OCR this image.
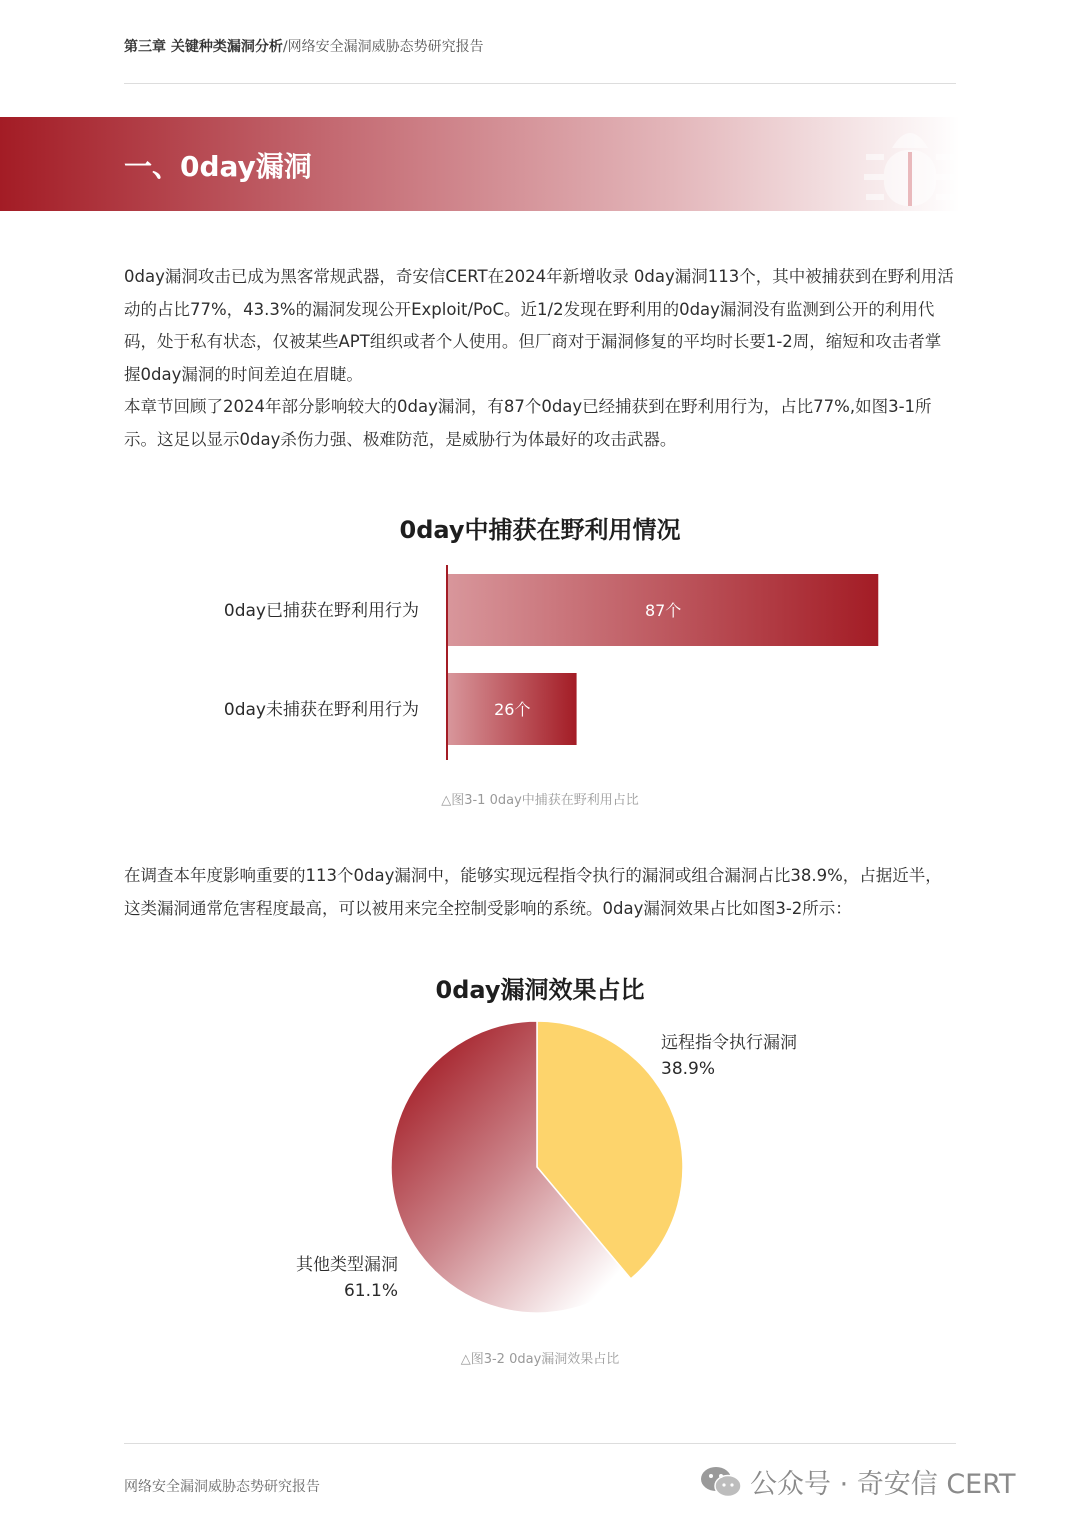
第三章 关键种类漏洞分析/网络安全漏洞威胁态势研究报告
一、0day漏洞
0day漏洞攻击已成为黑客常规武器，奇安信CERT在2024年新增收录 0day漏洞113个，其中被捕获到在野利用活动的占比77%，43.3%的漏洞发现公开Exploit/PoC。近1/2发现在野利用的0day漏洞没有监测到公开的利用代码，处于私有状态，仅被某些APT组织或者个人使用。但厂商对于漏洞修复的平均时长要1-2周，缩短和攻击者掌握0day漏洞的时间差迫在眉睫。
本章节回顾了2024年部分影响较大的0day漏洞，有87个0day已经捕获到在野利用行为，占比77%,如图3-1所示。这足以显示0day杀伤力强、极难防范，是威胁行为体最好的攻击武器。
0day中捕获在野利用情况
0day已捕获在野利用行为	87个
0day未捕获在野利用行为	26个
△图3-1 0day中捕获在野利用占比
在调查本年度影响重要的113个0day漏洞中，能够实现远程指令执行的漏洞或组合漏洞占比38.9%，占据近半，这类漏洞通常危害程度最高，可以被用来完全控制受影响的系统。0day漏洞效果占比如图3-2所示：
0day漏洞效果占比
远程指令执行漏洞
38.9%
其他类型漏洞
61.1%
△图3-2 0day漏洞效果占比
网络安全漏洞威胁态势研究报告	公众号 · 奇安信 CERT
